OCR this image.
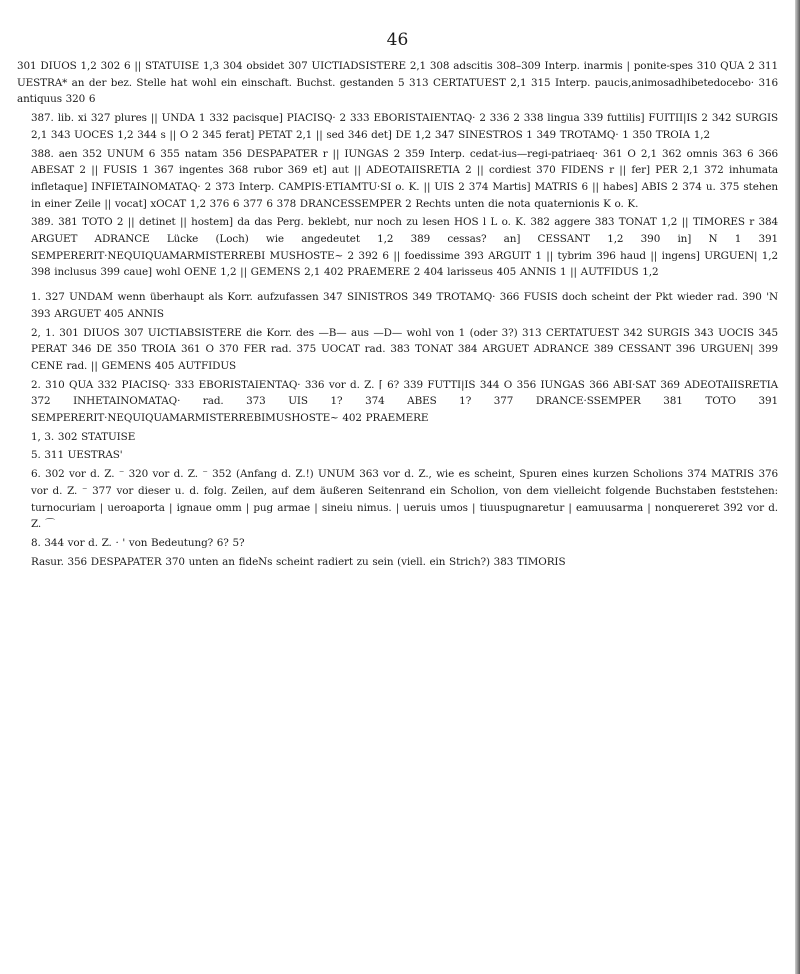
46

301 DIUOS 1,2 302 6 || STATUISE 1,3 304 obsidet 307 UICTIADSISTERE 2,1 308 adscitis 308–309 Interp. inarmis | ponite-spes 310 QUA 2 311 UESTRA* an der bez. Stelle hat wohl ein einschaft. Buchst. gestanden 5 313 CERTATUEST 2,1 315 Interp. paucis,animosadhibetedocebo· 316 antiquus 320 6

387. lib. xi 327 plures || UNDA 1 332 pacisque] PIACISQ· 2 333 EBORISTAIENTAQ· 2 336 2 338 lingua 339 futtilis] FUITII|IS 2 342 SURGIS 2,1 343 UOCES 1,2 344 s || O 2 345 ferat] PETAT 2,1 || sed 346 det] DE 1,2 347 SINESTROS 1 349 TROTAMQ· 1 350 TROIA 1,2

388. aen 352 UNUM 6 355 natam 356 DESPAPATER r || IUNGAS 2 359 Interp. cedat-ius—regi-patriaeq· 361 O 2,1 362 omnis 363 6 366 ABESAT 2 || FUSIS 1 367 ingentes 368 rubor 369 et] aut || ADEOTAIISRETIA 2 || cordiest 370 FIDENS r || fer] PER 2,1 372 inhumata infletaque] INFIETAINOMATAQ· 2 373 Interp. CAMPIS·ETIAMTU·SI o. K. || UIS 2 374 Martis] MATRIS 6 || habes] ABIS 2 374 u. 375 stehen in einer Zeile || vocat] xOCAT 1,2 376 6 377 6 378 DRANCESSEMPER 2 Rechts unten die nota quaternionis K o. K.

389. 381 TOTO 2 || detinet || hostem] da das Perg. beklebt, nur noch zu lesen HOS l L o. K. 382 aggere 383 TONAT 1,2 || TIMORES r 384 ARGUET ADRANCE Lücke (Loch) wie angedeutet 1,2 389 cessas? an] CESSANT 1,2 390 in] N 1 391 SEMPERERIT·NEQUIQUAMARMISTERREBI MUSHOSTE~ 2 392 6 || foedissime 393 ARGUIT 1 || tybrim 396 haud || ingens] URGUEN| 1,2 398 inclusus 399 caue] wohl OENE 1,2 || GEMENS 2,1 402 PRAEMERE 2 404 larisseus 405 ANNIS 1 || AUTFIDUS 1,2

1. 327 UNDAM wenn überhaupt als Korr. aufzufassen 347 SINISTROS 349 TROTAMQ· 366 FUSIS doch scheint der Pkt wieder rad. 390 'N 393 ARGUET 405 ANNIS

2, 1. 301 DIUOS 307 UICTIABSISTERE die Korr. des —B— aus —D— wohl von 1 (oder 3?) 313 CERTATUEST 342 SURGIS 343 UOCIS 345 PERAT 346 DE 350 TROIA 361 O 370 FER rad. 375 UOCAT rad. 383 TONAT 384 ARGUET ADRANCE 389 CESSANT 396 URGUEN| 399 CENE rad. || GEMENS 405 AUTFIDUS

2. 310 QUA 332 PIACISQ· 333 EBORISTAIENTAQ· 336 vor d. Z. ⌈ 6? 339 FUTTI|IS 344 O 356 IUNGAS 366 ABI·SAT 369 ADEOTAIISRETIA 372 INHETAINOMATAQ· rad. 373 UIS 1? 374 ABES 1? 377 DRANCE·SSEMPER 381 TOTO 391 SEMPERERIT·NEQUIQUAMARMISTERREBIMUSHOSTE~ 402 PRAEMERE

1, 3. 302 STATUISE

5. 311 UESTRAS'

6. 302 vor d. Z. ⁻ 320 vor d. Z. ⁻ 352 (Anfang d. Z.!) UNUM 363 vor d. Z., wie es scheint, Spuren eines kurzen Scholions 374 MATRIS 376 vor d. Z. ⁻ 377 vor dieser u. d. folg. Zeilen, auf dem äußeren Seitenrand ein Scholion, von dem vielleicht folgende Buchstaben feststehen: turnocuriam | ueroaporta | ignaue omm | pug armae | sineiu nimus. | ueruis umos | tiuuspugnaretur | eamuusarma | nonquereret 392 vor d. Z. ⌒

8. 344 vor d. Z. · ' von Bedeutung? 6? 5?

Rasur. 356 DESPAPATER 370 unten an fideNs scheint radiert zu sein (viell. ein Strich?) 383 TIMORIS
